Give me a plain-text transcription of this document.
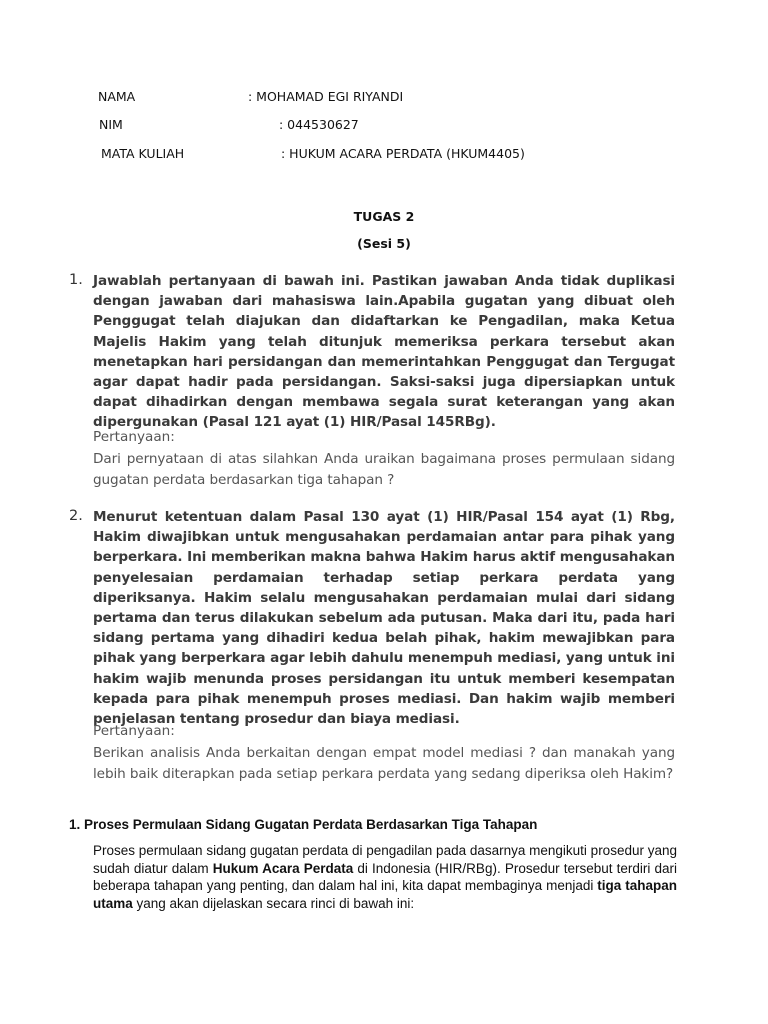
NAMA	: MOHAMAD EGI RIYANDI
NIM	: 044530627
MATA KULIAH	: HUKUM ACARA PERDATA (HKUM4405)
TUGAS 2
(Sesi 5)
1. Jawablah pertanyaan di bawah ini. Pastikan jawaban Anda tidak duplikasi dengan jawaban dari mahasiswa lain.Apabila gugatan yang dibuat oleh Penggugat telah diajukan dan didaftarkan ke Pengadilan, maka Ketua Majelis Hakim yang telah ditunjuk memeriksa perkara tersebut akan menetapkan hari persidangan dan memerintahkan Penggugat dan Tergugat agar dapat hadir pada persidangan. Saksi-saksi juga dipersiapkan untuk dapat dihadirkan dengan membawa segala surat keterangan yang akan dipergunakan (Pasal 121 ayat (1) HIR/Pasal 145RBg).
Pertanyaan:
Dari pernyataan di atas silahkan Anda uraikan bagaimana proses permulaan sidang gugatan perdata berdasarkan tiga tahapan ?
2. Menurut ketentuan dalam Pasal 130 ayat (1) HIR/Pasal 154 ayat (1) Rbg, Hakim diwajibkan untuk mengusahakan perdamaian antar para pihak yang berperkara. Ini memberikan makna bahwa Hakim harus aktif mengusahakan penyelesaian perdamaian terhadap setiap perkara perdata yang diperiksanya. Hakim selalu mengusahakan perdamaian mulai dari sidang pertama dan terus dilakukan sebelum ada putusan. Maka dari itu, pada hari sidang pertama yang dihadiri kedua belah pihak, hakim mewajibkan para pihak yang berperkara agar lebih dahulu menempuh mediasi, yang untuk ini hakim wajib menunda proses persidangan itu untuk memberi kesempatan kepada para pihak menempuh proses mediasi. Dan hakim wajib memberi penjelasan tentang prosedur dan biaya mediasi.
Pertanyaan:
Berikan analisis Anda berkaitan dengan empat model mediasi ? dan manakah yang lebih baik diterapkan pada setiap perkara perdata yang sedang diperiksa oleh Hakim?
1. Proses Permulaan Sidang Gugatan Perdata Berdasarkan Tiga Tahapan
Proses permulaan sidang gugatan perdata di pengadilan pada dasarnya mengikuti prosedur yang sudah diatur dalam Hukum Acara Perdata di Indonesia (HIR/RBg). Prosedur tersebut terdiri dari beberapa tahapan yang penting, dan dalam hal ini, kita dapat membaginya menjadi tiga tahapan utama yang akan dijelaskan secara rinci di bawah ini:
